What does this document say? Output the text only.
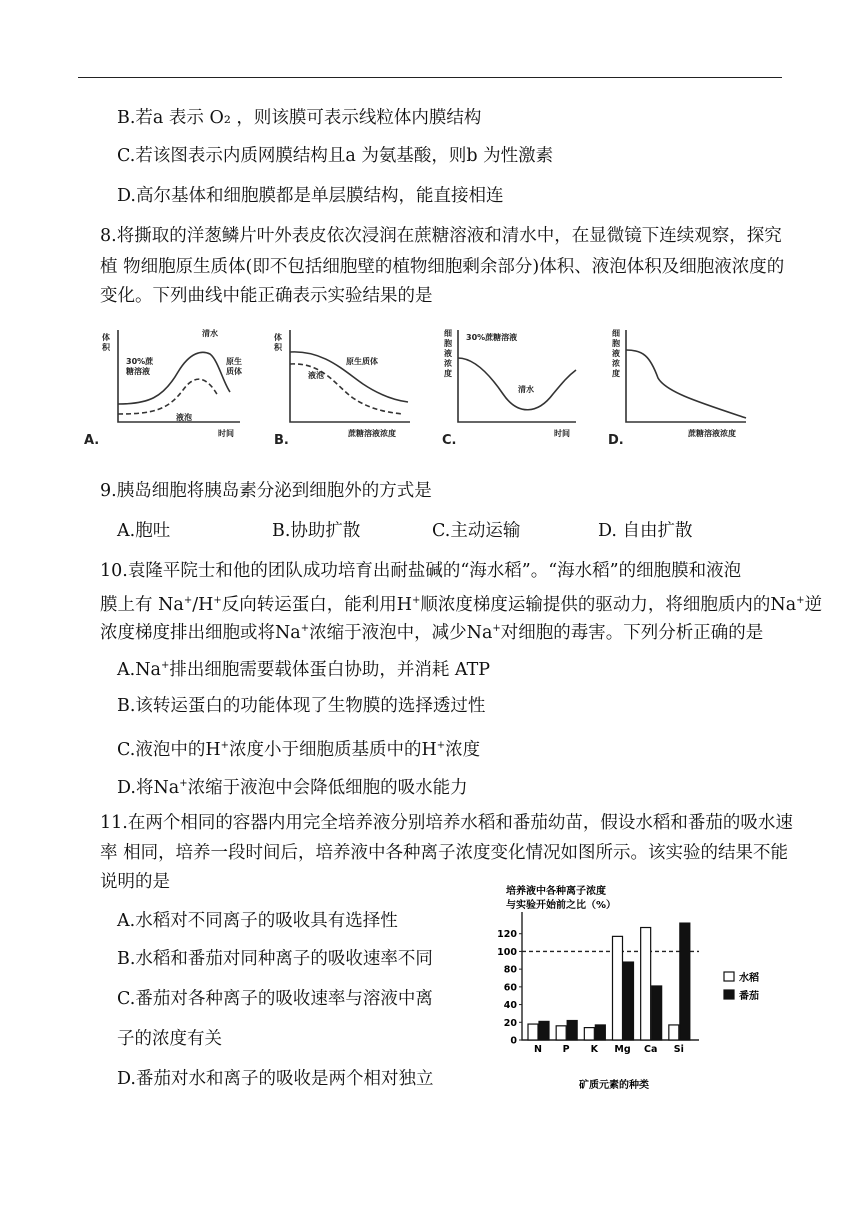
B.若a 表示 O₂ ，则该膜可表示线粒体内膜结构
C.若该图表示内质网膜结构且a 为氨基酸，则b 为性激素
D.高尔基体和细胞膜都是单层膜结构，能直接相连
8.将撕取的洋葱鳞片叶外表皮依次浸润在蔗糖溶液和清水中，在显微镜下连续观察，探究
植 物细胞原生质体(即不包括细胞壁的植物细胞剩余部分)体积、液泡体积及细胞液浓度的
变化。下列曲线中能正确表示实验结果的是
A.
体
积
时间
30%蔗
糖溶液
清水
原生
质体
液泡
B.
体
积
蔗糖溶液浓度
原生质体
液泡
C.
细
胞
液
浓
度
时间
30%蔗糖溶液
清水
D.
细
胞
液
浓
度
蔗糖溶液浓度
9.胰岛细胞将胰岛素分泌到细胞外的方式是
A.胞吐	B.协助扩散	C.主动运输	D. 自由扩散
10.袁隆平院士和他的团队成功培育出耐盐碱的“海水稻”。“海水稻”的细胞膜和液泡
膜上有 Na+/H+反向转运蛋白，能利用H+顺浓度梯度运输提供的驱动力，将细胞质内的Na+逆
浓度梯度排出细胞或将Na+浓缩于液泡中，减少Na+对细胞的毒害。下列分析正确的是
A.Na+排出细胞需要载体蛋白协助，并消耗 ATP
B.该转运蛋白的功能体现了生物膜的选择透过性
C.液泡中的H+浓度小于细胞质基质中的H+浓度
D.将Na+浓缩于液泡中会降低细胞的吸水能力
11.在两个相同的容器内用完全培养液分别培养水稻和番茄幼苗，假设水稻和番茄的吸水速
率 相同，培养一段时间后，培养液中各种离子浓度变化情况如图所示。该实验的结果不能
说明的是
A.水稻对不同离子的吸收具有选择性
B.水稻和番茄对同种离子的吸收速率不同
C.番茄对各种离子的吸收速率与溶液中离
子的浓度有关
D.番茄对水和离子的吸收是两个相对独立
培养液中各种离子浓度
与实验开始前之比（%）
0
20
40
60
80
100
120
N P K Mg Ca Si
矿质元素的种类
水稻
番茄
